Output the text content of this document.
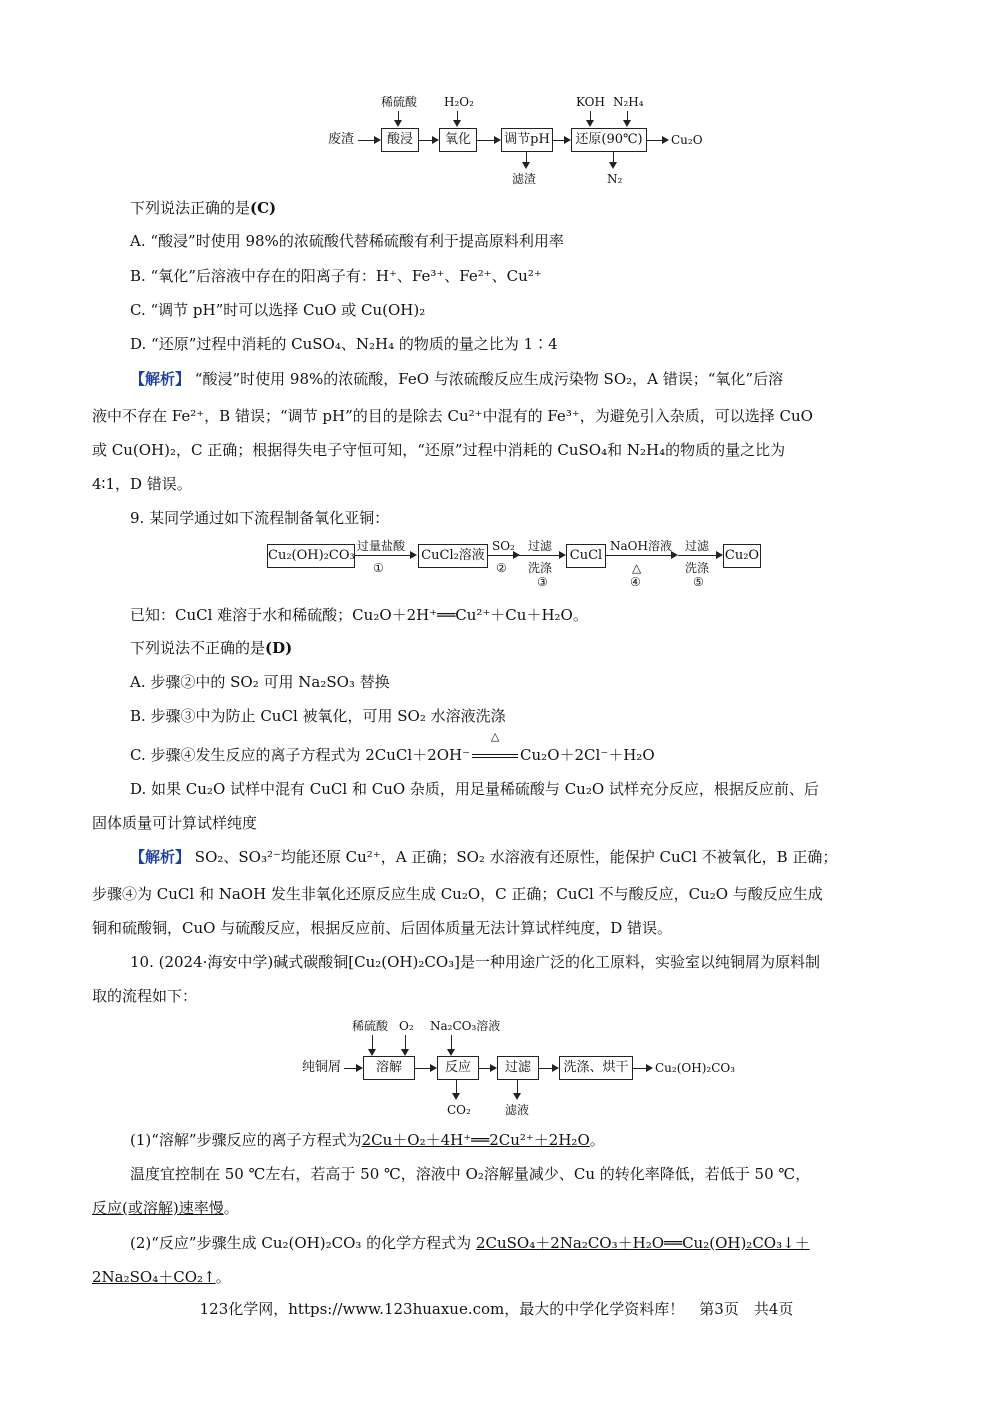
废渣	酸浸	氧化	调节pH	还原(90℃)	Cu₂O
稀硫酸 H₂O₂	KOH N₂H₄
滤渣	N₂
下列说法正确的是(C)
A. “酸浸”时使用 98%的浓硫酸代替稀硫酸有利于提高原料利用率
B. “氧化”后溶液中存在的阳离子有：H⁺、Fe³⁺、Fe²⁺、Cu²⁺
C. “调节 pH”时可以选择 CuO 或 Cu(OH)₂
D. “还原”过程中消耗的 CuSO₄、N₂H₄ 的物质的量之比为 1∶4
【解析】 “酸浸”时使用 98%的浓硫酸，FeO 与浓硫酸反应生成污染物 SO₂，A 错误；“氧化”后溶
液中不存在 Fe²⁺，B 错误；“调节 pH”的目的是除去 Cu²⁺中混有的 Fe³⁺，为避免引入杂质，可以选择 CuO
或 Cu(OH)₂，C 正确；根据得失电子守恒可知，“还原”过程中消耗的 CuSO₄和 N₂H₄的物质的量之比为
4∶1，D 错误。
9. 某同学通过如下流程制备氧化亚铜：
Cu₂(OH)₂CO₃
过量盐酸
①
CuCl₂溶液
SO₂
②
过滤
洗涤
③
CuCl
NaOH溶液
△
④
过滤
洗涤
⑤
Cu₂O
已知：CuCl 难溶于水和稀硫酸；Cu₂O＋2H⁺══Cu²⁺＋Cu＋H₂O。
下列说法不正确的是(D)
A. 步骤②中的 SO₂ 可用 Na₂SO₃ 替换
B. 步骤③中为防止 CuCl 被氧化，可用 SO₂ 水溶液洗涤
C. 步骤④发生反应的离子方程式为 2CuCl＋2OH⁻
△
Cu₂O＋2Cl⁻＋H₂O
D. 如果 Cu₂O 试样中混有 CuCl 和 CuO 杂质，用足量稀硫酸与 Cu₂O 试样充分反应，根据反应前、后
固体质量可计算试样纯度
【解析】 SO₂、SO₃²⁻均能还原 Cu²⁺，A 正确；SO₂ 水溶液有还原性，能保护 CuCl 不被氧化，B 正确；
步骤④为 CuCl 和 NaOH 发生非氧化还原反应生成 Cu₂O，C 正确；CuCl 不与酸反应，Cu₂O 与酸反应生成
铜和硫酸铜，CuO 与硫酸反应，根据反应前、后固体质量无法计算试样纯度，D 错误。
10. (2024·海安中学)碱式碳酸铜[Cu₂(OH)₂CO₃]是一种用途广泛的化工原料，实验室以纯铜屑为原料制
取的流程如下：
纯铜屑	溶解	反应	过滤	洗涤、烘干	Cu₂(OH)₂CO₃
稀硫酸 O₂ Na₂CO₃溶液
CO₂	滤液
(1)“溶解”步骤反应的离子方程式为2Cu＋O₂＋4H⁺══2Cu²⁺＋2H₂O。
温度宜控制在 50 ℃左右，若高于 50 ℃，溶液中 O₂溶解量减少、Cu 的转化率降低，若低于 50 ℃，
反应(或溶解)速率慢。
(2)“反应”步骤生成 Cu₂(OH)₂CO₃ 的化学方程式为 2CuSO₄＋2Na₂CO₃＋H₂O══Cu₂(OH)₂CO₃↓＋
2Na₂SO₄＋CO₂↑。
123化学网，https://www.123huaxue.com，最大的中学化学资料库！　第3页　共4页
